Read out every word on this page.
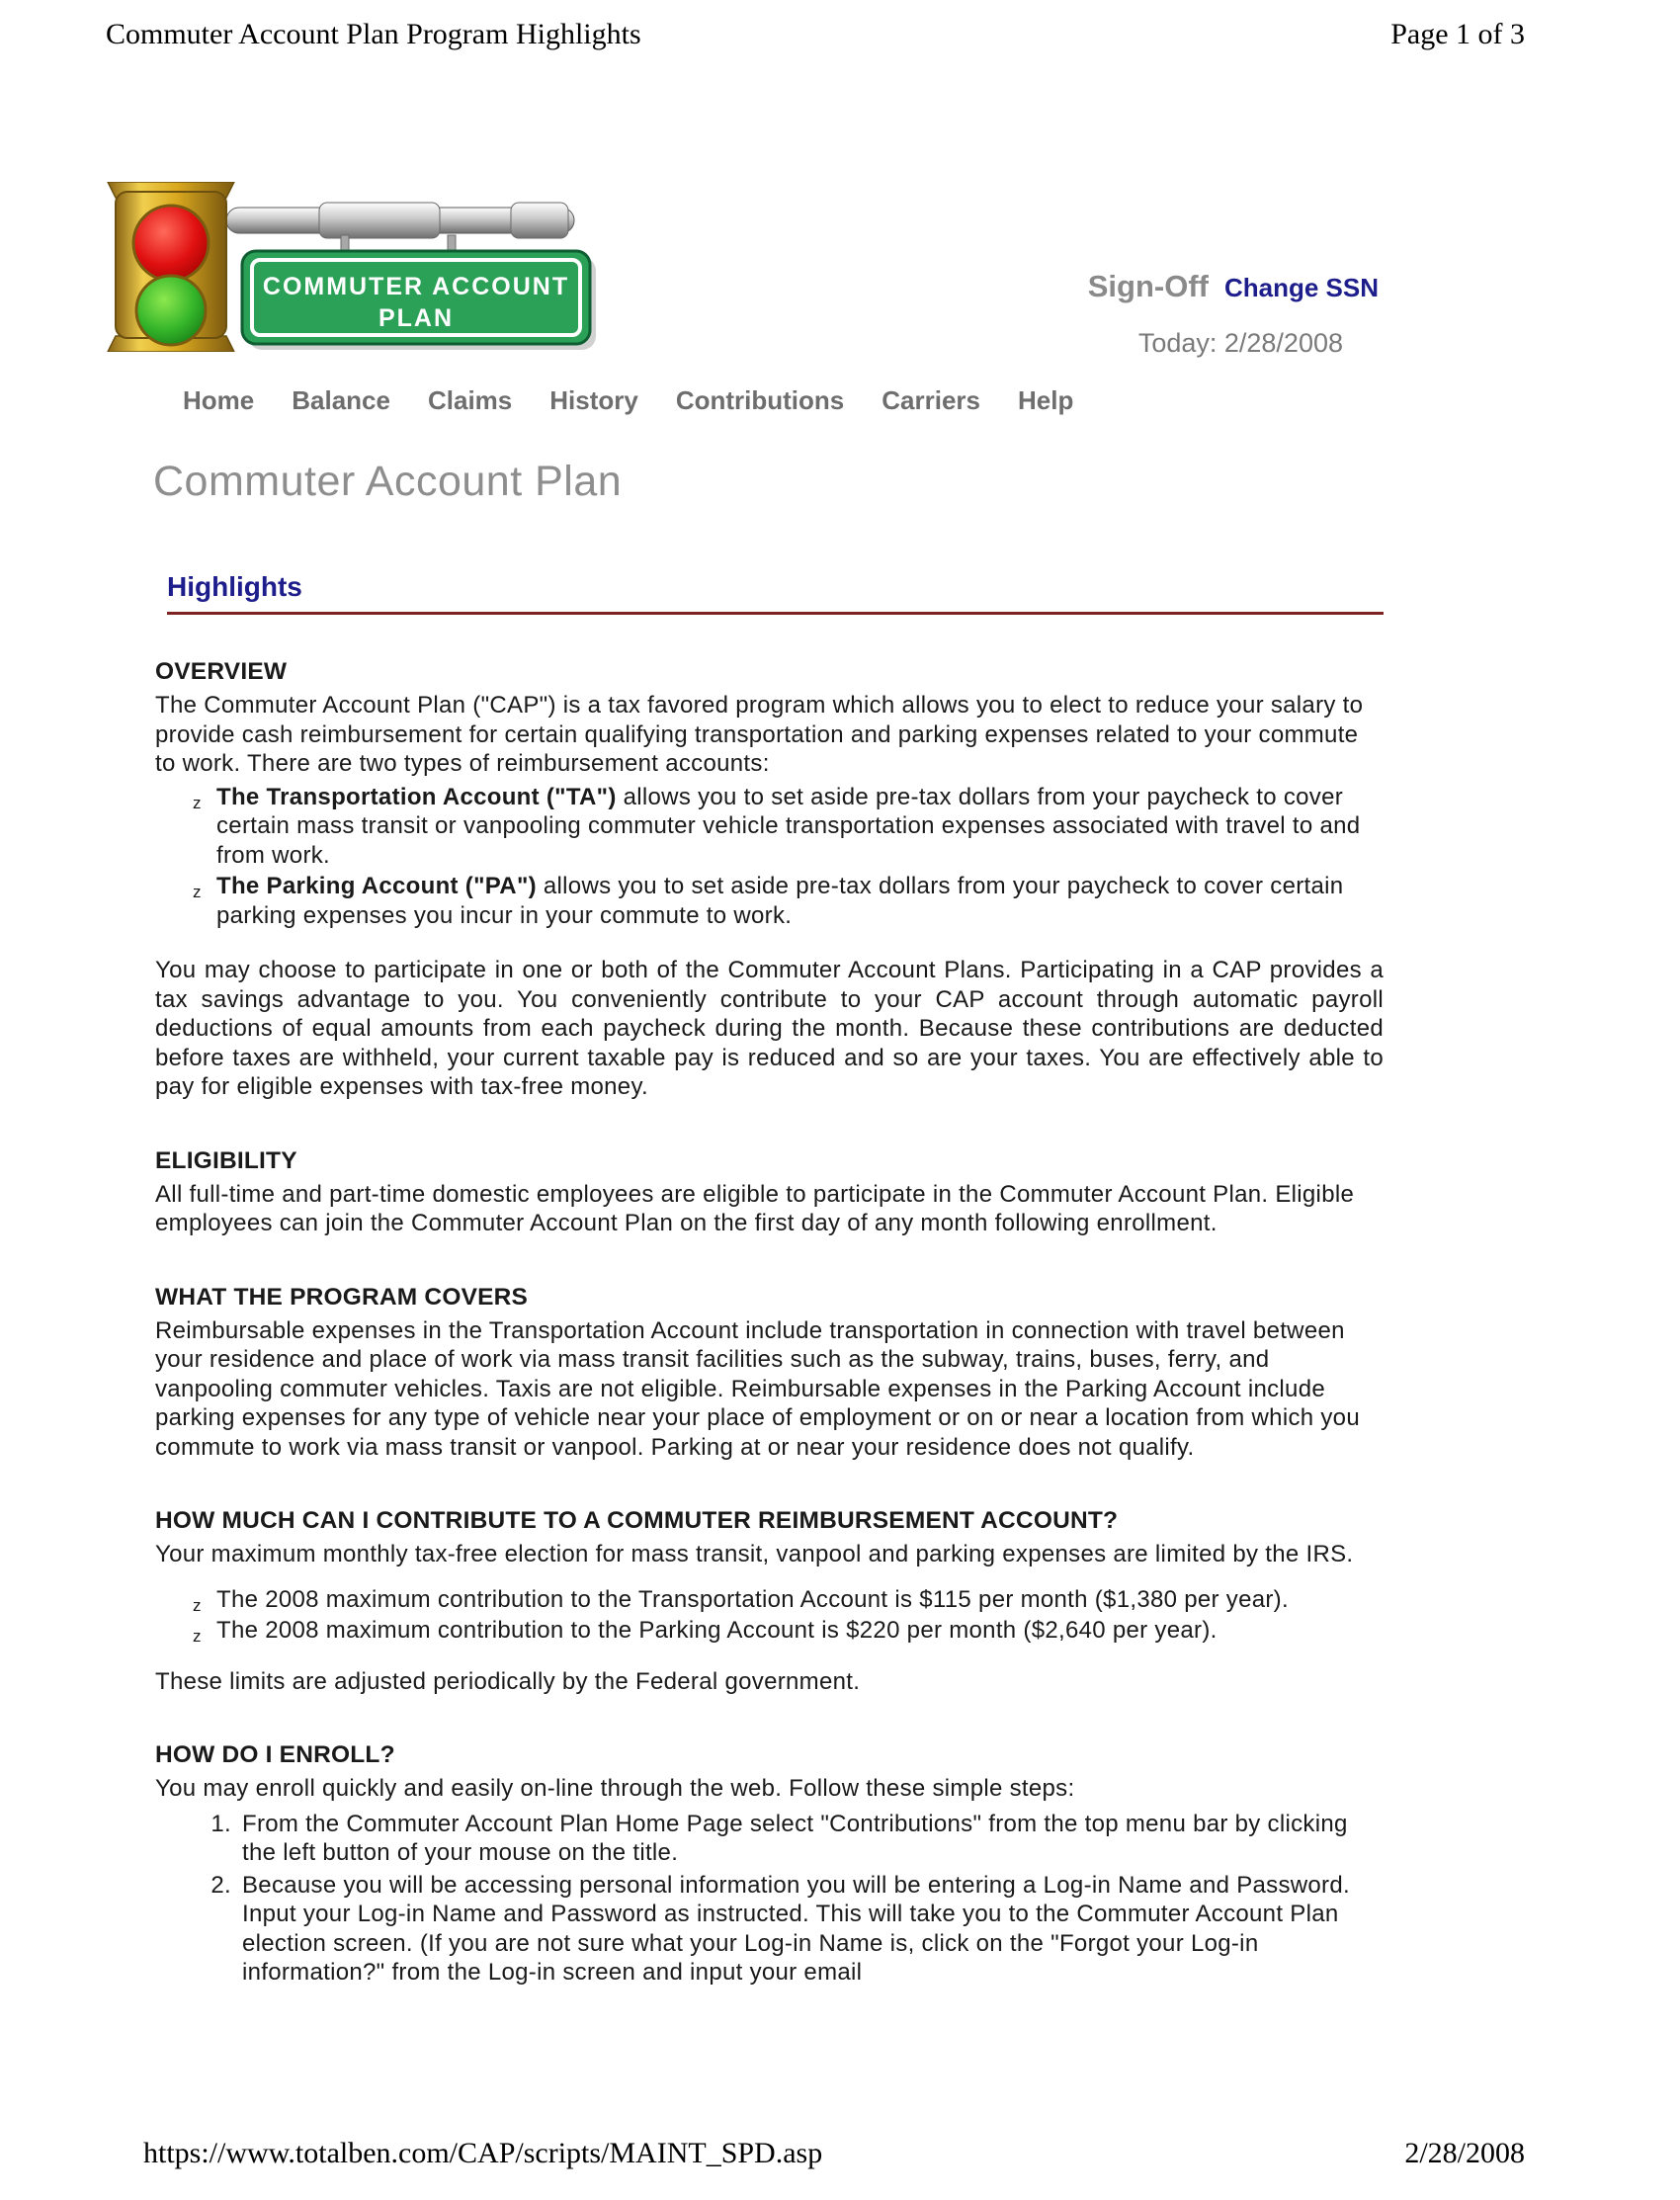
Commuter Account Plan Program Highlights	Page 1 of 3
COMMUTER ACCOUNT
PLAN
Sign-Off Change SSN
Today: 2/28/2008
Home Balance Claims History Contributions Carriers Help
Commuter Account Plan
Highlights
OVERVIEW

The Commuter Account Plan ("CAP") is a tax favored program which allows you to elect to reduce your salary to provide cash reimbursement for certain qualifying transportation and parking expenses related to your commute to work. There are two types of reimbursement accounts:

z The Transportation Account ("TA") allows you to set aside pre-tax dollars from your paycheck to cover certain mass transit or vanpooling commuter vehicle transportation expenses associated with travel to and from work.
z The Parking Account ("PA") allows you to set aside pre-tax dollars from your paycheck to cover certain parking expenses you incur in your commute to work.

You may choose to participate in one or both of the Commuter Account Plans. Participating in a CAP provides a tax savings advantage to you. You conveniently contribute to your CAP account through automatic payroll deductions of equal amounts from each paycheck during the month. Because these contributions are deducted before taxes are withheld, your current taxable pay is reduced and so are your taxes. You are effectively able to pay for eligible expenses with tax-free money.

ELIGIBILITY

All full-time and part-time domestic employees are eligible to participate in the Commuter Account Plan. Eligible employees can join the Commuter Account Plan on the first day of any month following enrollment.

WHAT THE PROGRAM COVERS

Reimbursable expenses in the Transportation Account include transportation in connection with travel between your residence and place of work via mass transit facilities such as the subway, trains, buses, ferry, and vanpooling commuter vehicles. Taxis are not eligible. Reimbursable expenses in the Parking Account include parking expenses for any type of vehicle near your place of employment or on or near a location from which you commute to work via mass transit or vanpool. Parking at or near your residence does not qualify.

HOW MUCH CAN I CONTRIBUTE TO A COMMUTER REIMBURSEMENT ACCOUNT?

Your maximum monthly tax-free election for mass transit, vanpool and parking expenses are limited by the IRS.

z The 2008 maximum contribution to the Transportation Account is $115 per month ($1,380 per year).
z The 2008 maximum contribution to the Parking Account is $220 per month ($2,640 per year).

These limits are adjusted periodically by the Federal government.

HOW DO I ENROLL?

You may enroll quickly and easily on-line through the web. Follow these simple steps:

1. From the Commuter Account Plan Home Page select "Contributions" from the top menu bar by clicking the left button of your mouse on the title.
2. Because you will be accessing personal information you will be entering a Log-in Name and Password. Input your Log-in Name and Password as instructed. This will take you to the Commuter Account Plan election screen. (If you are not sure what your Log-in Name is, click on the "Forgot your Log-in information?" from the Log-in screen and input your email
https://www.totalben.com/CAP/scripts/MAINT_SPD.asp	2/28/2008
